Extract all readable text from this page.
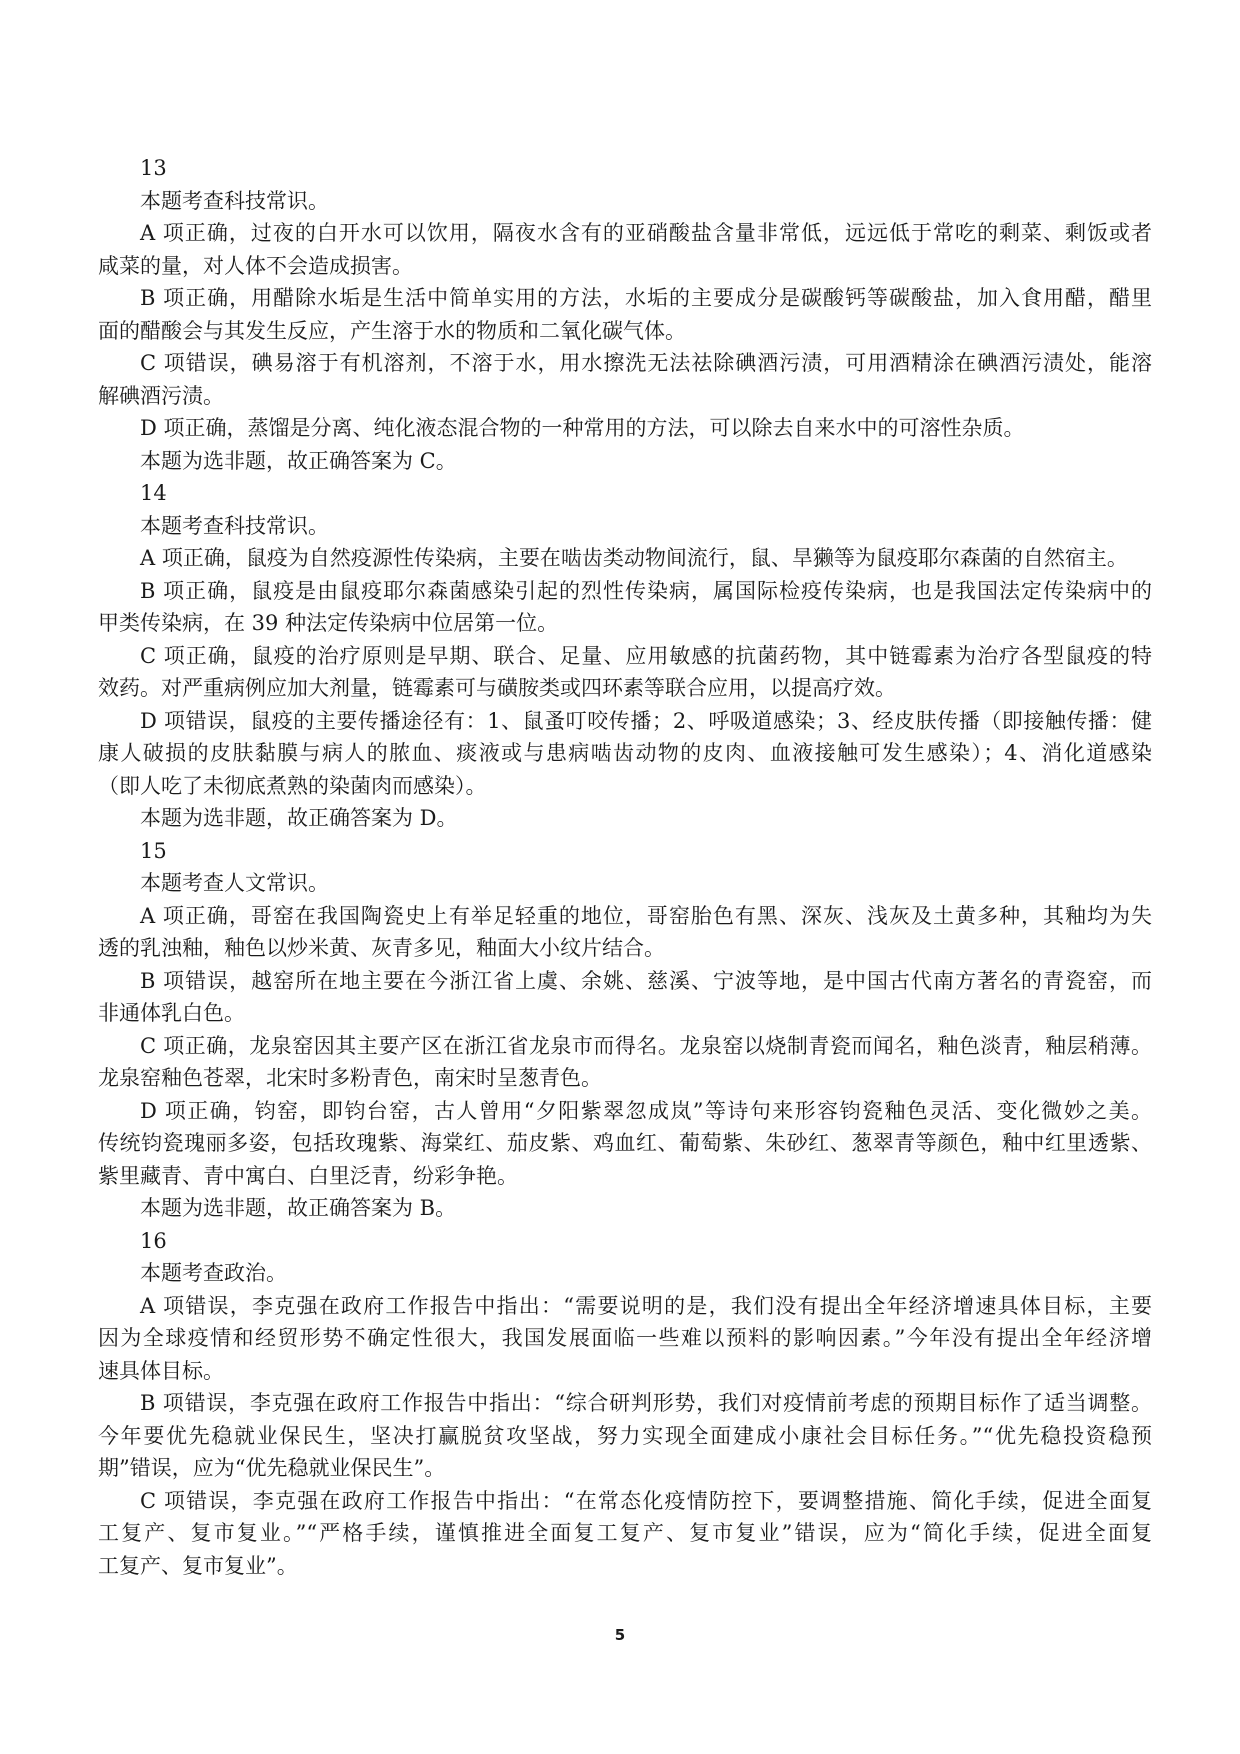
13
本题考查科技常识。
A 项正确，过夜的白开水可以饮用，隔夜水含有的亚硝酸盐含量非常低，远远低于常吃的剩菜、剩饭或者
咸菜的量，对人体不会造成损害。
B 项正确，用醋除水垢是生活中简单实用的方法，水垢的主要成分是碳酸钙等碳酸盐，加入食用醋，醋里
面的醋酸会与其发生反应，产生溶于水的物质和二氧化碳气体。
C 项错误，碘易溶于有机溶剂，不溶于水，用水擦洗无法祛除碘酒污渍，可用酒精涂在碘酒污渍处，能溶
解碘酒污渍。
D 项正确，蒸馏是分离、纯化液态混合物的一种常用的方法，可以除去自来水中的可溶性杂质。
本题为选非题，故正确答案为 C。
14
本题考查科技常识。
A 项正确，鼠疫为自然疫源性传染病，主要在啮齿类动物间流行，鼠、旱獭等为鼠疫耶尔森菌的自然宿主。
B 项正确，鼠疫是由鼠疫耶尔森菌感染引起的烈性传染病，属国际检疫传染病，也是我国法定传染病中的
甲类传染病，在 39 种法定传染病中位居第一位。
C 项正确，鼠疫的治疗原则是早期、联合、足量、应用敏感的抗菌药物，其中链霉素为治疗各型鼠疫的特
效药。对严重病例应加大剂量，链霉素可与磺胺类或四环素等联合应用，以提高疗效。
D 项错误，鼠疫的主要传播途径有：1、鼠蚤叮咬传播；2、呼吸道感染；3、经皮肤传播（即接触传播：健
康人破损的皮肤黏膜与病人的脓血、痰液或与患病啮齿动物的皮肉、血液接触可发生感染）；4、消化道感染
（即人吃了未彻底煮熟的染菌肉而感染）。
本题为选非题，故正确答案为 D。
15
本题考查人文常识。
A 项正确，哥窑在我国陶瓷史上有举足轻重的地位，哥窑胎色有黑、深灰、浅灰及土黄多种，其釉均为失
透的乳浊釉，釉色以炒米黄、灰青多见，釉面大小纹片结合。
B 项错误，越窑所在地主要在今浙江省上虞、余姚、慈溪、宁波等地，是中国古代南方著名的青瓷窑，而
非通体乳白色。
C 项正确，龙泉窑因其主要产区在浙江省龙泉市而得名。龙泉窑以烧制青瓷而闻名，釉色淡青，釉层稍薄。
龙泉窑釉色苍翠，北宋时多粉青色，南宋时呈葱青色。
D 项正确，钧窑，即钧台窑，古人曾用“夕阳紫翠忽成岚”等诗句来形容钧瓷釉色灵活、变化微妙之美。
传统钧瓷瑰丽多姿，包括玫瑰紫、海棠红、茄皮紫、鸡血红、葡萄紫、朱砂红、葱翠青等颜色，釉中红里透紫、
紫里藏青、青中寓白、白里泛青，纷彩争艳。
本题为选非题，故正确答案为 B。
16
本题考查政治。
A 项错误，李克强在政府工作报告中指出：“需要说明的是，我们没有提出全年经济增速具体目标，主要
因为全球疫情和经贸形势不确定性很大，我国发展面临一些难以预料的影响因素。”今年没有提出全年经济增
速具体目标。
B 项错误，李克强在政府工作报告中指出：“综合研判形势，我们对疫情前考虑的预期目标作了适当调整。
今年要优先稳就业保民生，坚决打赢脱贫攻坚战，努力实现全面建成小康社会目标任务。”“优先稳投资稳预
期”错误，应为“优先稳就业保民生”。
C 项错误，李克强在政府工作报告中指出：“在常态化疫情防控下，要调整措施、简化手续，促进全面复
工复产、复市复业。”“严格手续，谨慎推进全面复工复产、复市复业”错误，应为“简化手续，促进全面复
工复产、复市复业”。
5
